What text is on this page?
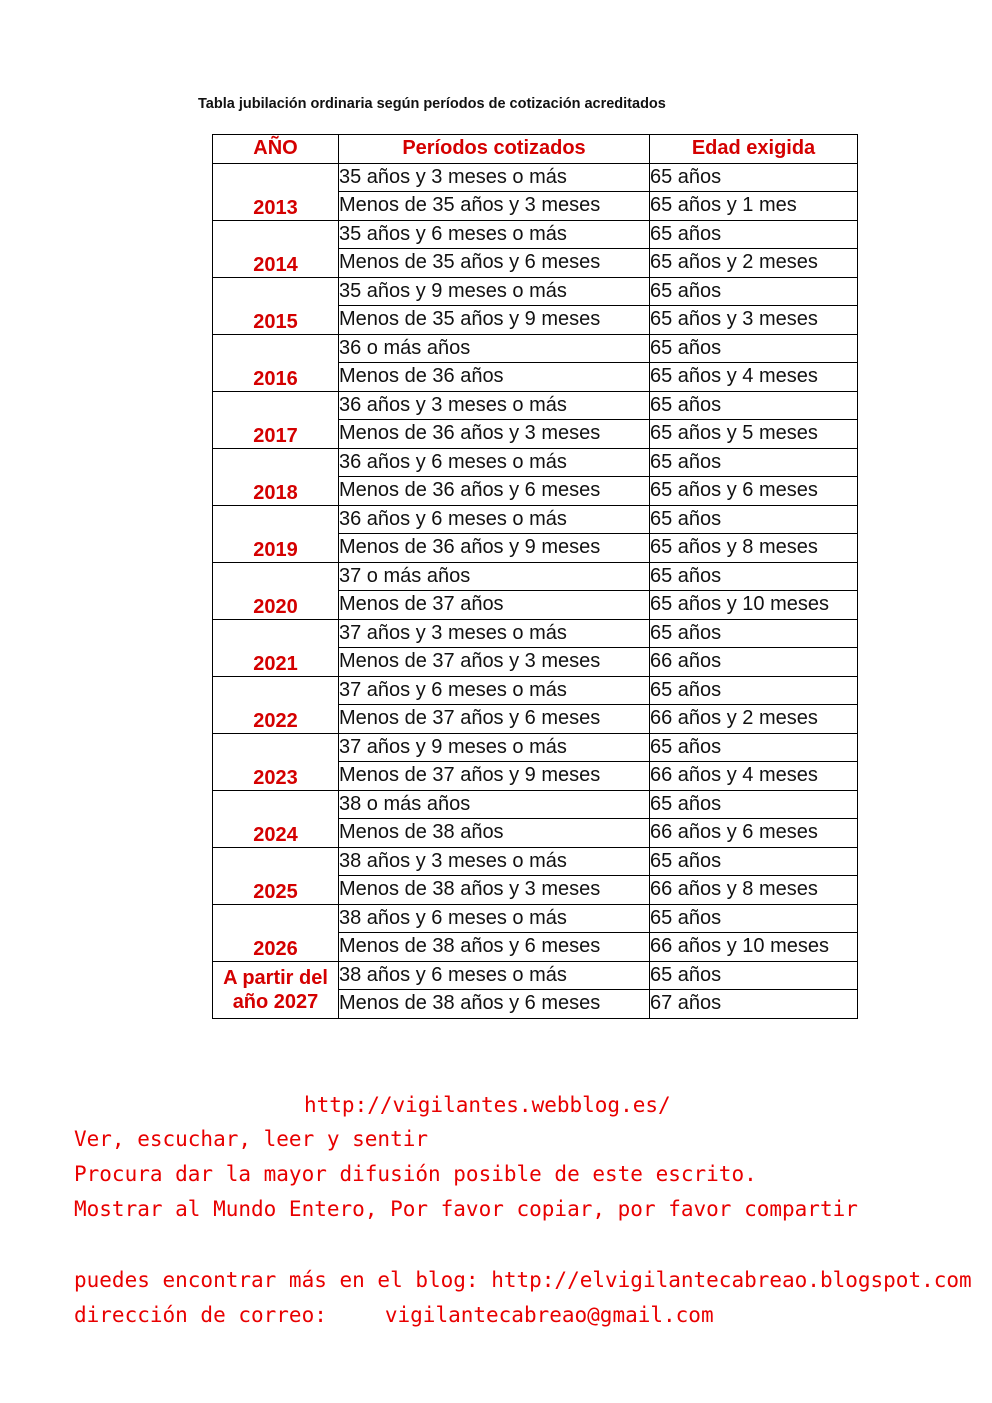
Tabla jubilación ordinaria según períodos de cotización acreditados
AÑO	Períodos cotizados	Edad exigida
2013	35 años y 3 meses o más	65 años
	Menos de 35 años y 3 meses	65 años y 1 mes
2014	35 años y 6 meses o más	65 años
	Menos de 35 años y 6 meses	65 años y 2 meses
2015	35 años y 9 meses o más	65 años
	Menos de 35 años y 9 meses	65 años y 3 meses
2016	36 o más años	65 años
	Menos de 36 años	65 años y 4 meses
2017	36 años y 3 meses o más	65 años
	Menos de 36 años y 3 meses	65 años y 5 meses
2018	36 años y 6 meses o más	65 años
	Menos de 36 años y 6 meses	65 años y 6 meses
2019	36 años y 6 meses o más	65 años
	Menos de 36 años y 9 meses	65 años y 8 meses
2020	37 o más años	65 años
	Menos de 37 años	65 años y 10 meses
2021	37 años y 3 meses o más	65 años
	Menos de 37 años y 3 meses	66 años
2022	37 años y 6 meses o más	65 años
	Menos de 37 años y 6 meses	66 años y 2 meses
2023	37 años y 9 meses o más	65 años
	Menos de 37 años y 9 meses	66 años y 4 meses
2024	38 o más años	65 años
	Menos de 38 años	66 años y 6 meses
2025	38 años y 3 meses o más	65 años
	Menos de 38 años y 3 meses	66 años y 8 meses
2026	38 años y 6 meses o más	65 años
	Menos de 38 años y 6 meses	66 años y 10 meses

A partir del
año 2027	38 años y 6 meses o más	65 años
	Menos de 38 años y 6 meses	67 años
http://vigilantes.webblog.es/
Ver, escuchar, leer y sentir
Procura dar la mayor difusión posible de este escrito.
Mostrar al Mundo Entero, Por favor copiar, por favor compartir
puedes encontrar más en el blog: http://elvigilantecabreao.blogspot.com
dirección de correo:	vigilantecabreao@gmail.com
